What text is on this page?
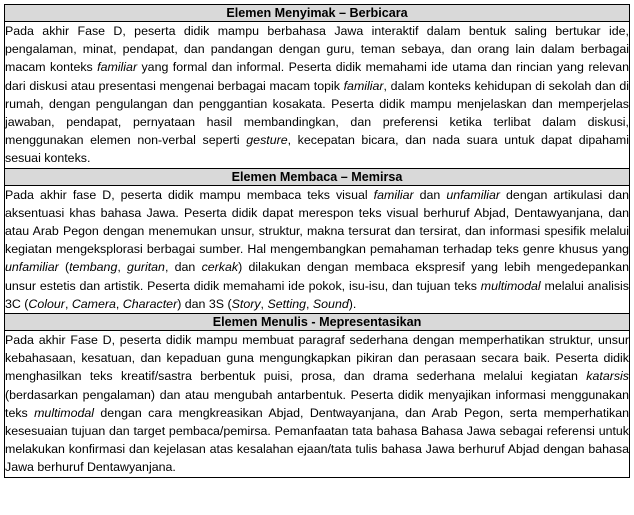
Elemen Menyimak – Berbicara

Pada akhir Fase D, peserta didik mampu berbahasa Jawa interaktif dalam bentuk saling bertukar ide, pengalaman, minat, pendapat, dan pandangan dengan guru, teman sebaya, dan orang lain dalam berbagai macam konteks familiar yang formal dan informal. Peserta didik memahami ide utama dan rincian yang relevan dari diskusi atau presentasi mengenai berbagai macam topik familiar, dalam konteks kehidupan di sekolah dan di rumah, dengan pengulangan dan penggantian kosakata. Peserta didik mampu menjelaskan dan memperjelas jawaban, pendapat, pernyataan hasil membandingkan, dan preferensi ketika terlibat dalam diskusi, menggunakan elemen non-verbal seperti gesture, kecepatan bicara, dan nada suara untuk dapat dipahami sesuai konteks.

Elemen Membaca – Memirsa

Pada akhir fase D, peserta didik mampu membaca teks visual familiar dan unfamiliar dengan artikulasi dan aksentuasi khas bahasa Jawa. Peserta didik dapat merespon teks visual berhuruf Abjad, Dentawyanjana, dan atau Arab Pegon dengan menemukan unsur, struktur, makna tersurat dan tersirat, dan informasi spesifik melalui kegiatan mengeksplorasi berbagai sumber. Hal mengembangkan pemahaman terhadap teks genre khusus yang unfamiliar (tembang, guritan, dan cerkak) dilakukan dengan membaca ekspresif yang lebih mengedepankan unsur estetis dan artistik. Peserta didik memahami ide pokok, isu-isu, dan tujuan teks multimodal melalui analisis 3C (Colour, Camera, Character) dan 3S (Story, Setting, Sound).

Elemen Menulis - Mepresentasikan

Pada akhir Fase D, peserta didik mampu membuat paragraf sederhana dengan memperhatikan struktur, unsur kebahasaan, kesatuan, dan kepaduan guna mengungkapkan pikiran dan perasaan secara baik. Peserta didik menghasilkan teks kreatif/sastra berbentuk puisi, prosa, dan drama sederhana melalui kegiatan katarsis (berdasarkan pengalaman) dan atau mengubah antarbentuk. Peserta didik menyajikan informasi menggunakan teks multimodal dengan cara mengkreasikan Abjad, Dentwayanjana, dan Arab Pegon, serta memperhatikan kesesuaian tujuan dan target pembaca/pemirsa. Pemanfaatan tata bahasa Bahasa Jawa sebagai referensi untuk melakukan konfirmasi dan kejelasan atas kesalahan ejaan/tata tulis bahasa Jawa berhuruf Abjad dengan bahasa Jawa berhuruf Dentawyanjana.
